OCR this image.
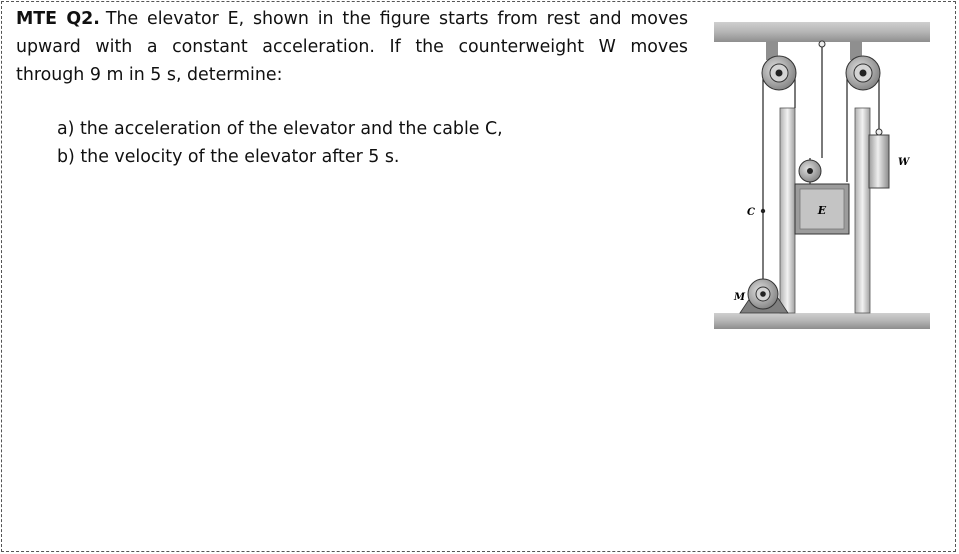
MTE Q2. The elevator E, shown in the figure starts from rest and moves
upward with a constant acceleration. If the counterweight W moves
through 9 m in 5 s, determine:
a) the acceleration of the elevator and the cable C,
b) the velocity of the elevator after 5 s.
E
W
C
M
